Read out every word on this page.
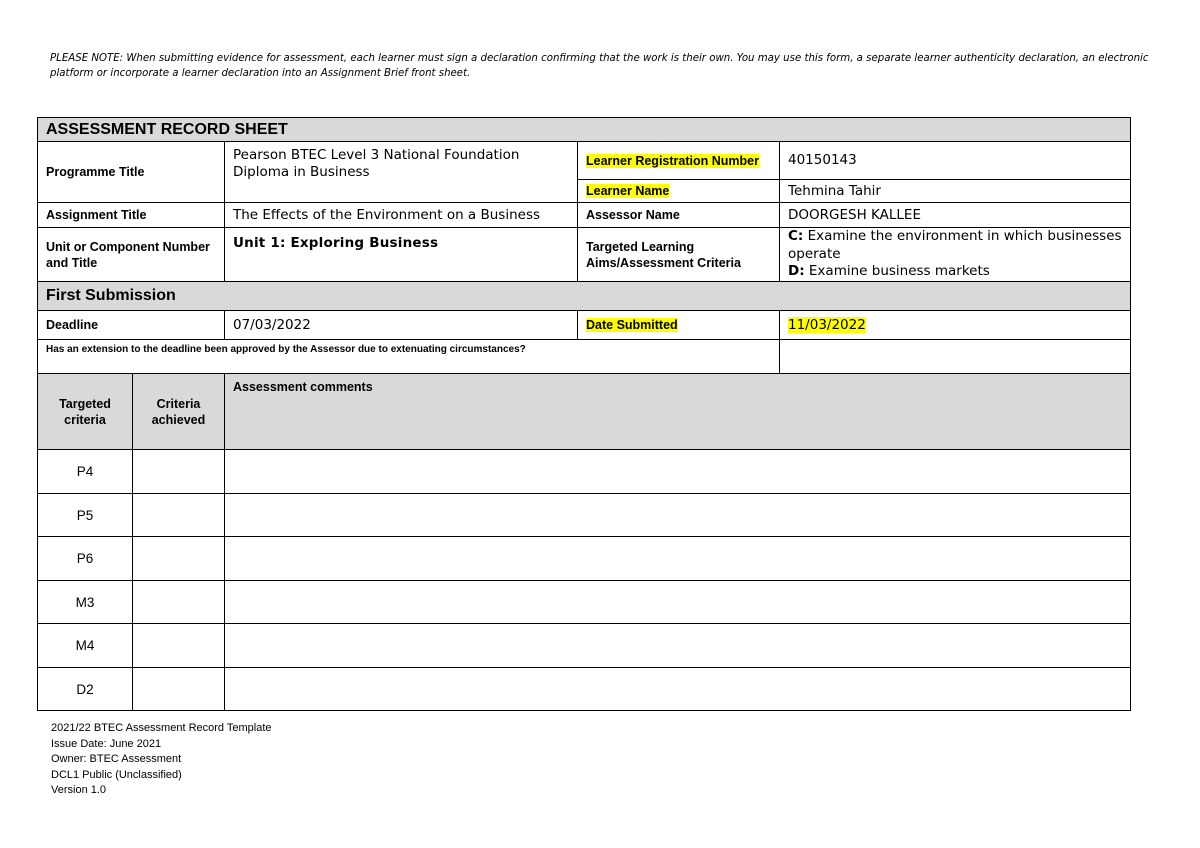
PLEASE NOTE: When submitting evidence for assessment, each learner must sign a declaration confirming that the work is their own. You may use this form, a separate learner authenticity declaration, an electronic platform or incorporate a learner declaration into an Assignment Brief front sheet.
ASSESSMENT RECORD SHEET				
Programme Title		Pearson BTEC Level 3 National Foundation Diploma in Business	Learner Registration Number	40150143
			Learner Name	Tehmina Tahir
Assignment Title		The Effects of the Environment on a Business	Assessor Name	DOORGESH KALLEE
Unit or Component Number and Title		Unit 1: Exploring Business	Targeted Learning Aims/Assessment Criteria	C: Examine the environment in which businesses operate
D: Examine business markets

First Submission				
Deadline		07/03/2022	Date Submitted	11/03/2022
Has an extension to the deadline been approved by the Assessor due to extenuating circumstances?				
Targeted criteria	Criteria achieved	Assessment comments		
P4				
P5				
P6				
M3				
M4				
D2				
2021/22 BTEC Assessment Record Template
Issue Date: June 2021
Owner: BTEC Assessment
DCL1 Public (Unclassified)
Version 1.0
